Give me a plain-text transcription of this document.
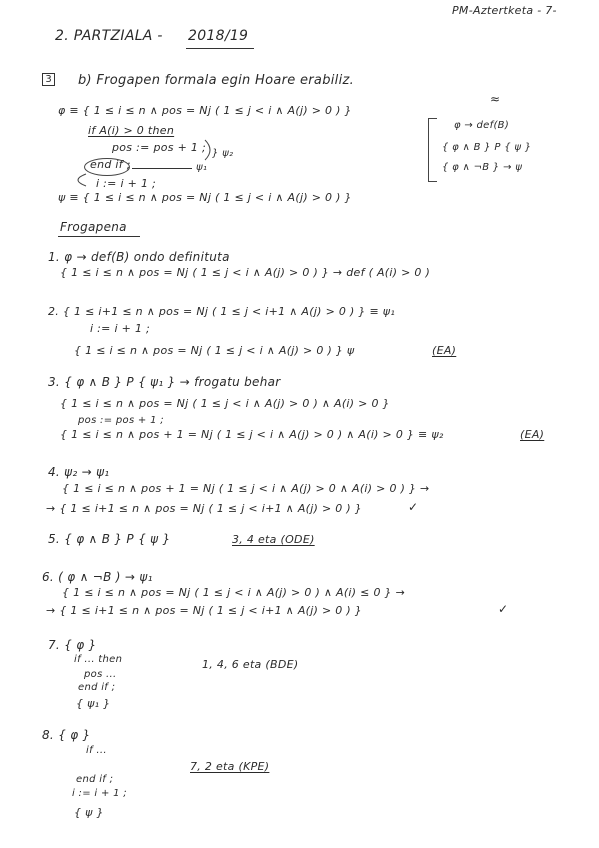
PM-Aztertketa - 7-
2. PARTZIALA - 2018/19
3 b) Frogapen formala egin Hoare erabiliz.
≈
φ ≡ { 1 ≤ i ≤ n ∧ pos = Nj ( 1 ≤ j < i ∧ A(j) > 0 ) }
if A(i) > 0 then
pos := pos + 1 ; } ψ₂
end if ;	ψ₁
i := i + 1 ;
ψ ≡ { 1 ≤ i ≤ n ∧ pos = Nj ( 1 ≤ j < i ∧ A(j) > 0 ) }
φ → def(B)
{ φ ∧ B } P { ψ }
{ φ ∧ ¬B } → ψ
Frogapena
1. φ → def(B) ondo definituta
{ 1 ≤ i ≤ n ∧ pos = Nj ( 1 ≤ j < i ∧ A(j) > 0 ) } → def ( A(i) > 0 )
2. { 1 ≤ i+1 ≤ n ∧ pos = Nj ( 1 ≤ j < i+1 ∧ A(j) > 0 ) } ≡ ψ₁
i := i + 1 ;
{ 1 ≤ i ≤ n ∧ pos = Nj ( 1 ≤ j < i ∧ A(j) > 0 ) } ψ	(EA)
3. { φ ∧ B } P { ψ₁ } → frogatu behar
{ 1 ≤ i ≤ n ∧ pos = Nj ( 1 ≤ j < i ∧ A(j) > 0 ) ∧ A(i) > 0 }
pos := pos + 1 ;
{ 1 ≤ i ≤ n ∧ pos + 1 = Nj ( 1 ≤ j < i ∧ A(j) > 0 ) ∧ A(i) > 0 } ≡ ψ₂	(EA)
4. ψ₂ → ψ₁
{ 1 ≤ i ≤ n ∧ pos + 1 = Nj ( 1 ≤ j < i ∧ A(j) > 0 ∧ A(i) > 0 ) } →
→ { 1 ≤ i+1 ≤ n ∧ pos = Nj ( 1 ≤ j < i+1 ∧ A(j) > 0 ) }	✓
5. { φ ∧ B } P { ψ }	3, 4 eta (ODE)
6. ( φ ∧ ¬B ) → ψ₁
{ 1 ≤ i ≤ n ∧ pos = Nj ( 1 ≤ j < i ∧ A(j) > 0 ) ∧ A(i) ≤ 0 } →
→ { 1 ≤ i+1 ≤ n ∧ pos = Nj ( 1 ≤ j < i+1 ∧ A(j) > 0 ) }	✓
7. { φ }
if ... then
pos ...
end if ;
{ ψ₁ }
1, 4, 6 eta (BDE)
8. { φ }
if ...
end if ;
i := i + 1 ;
{ ψ }
7, 2 eta (KPE)
